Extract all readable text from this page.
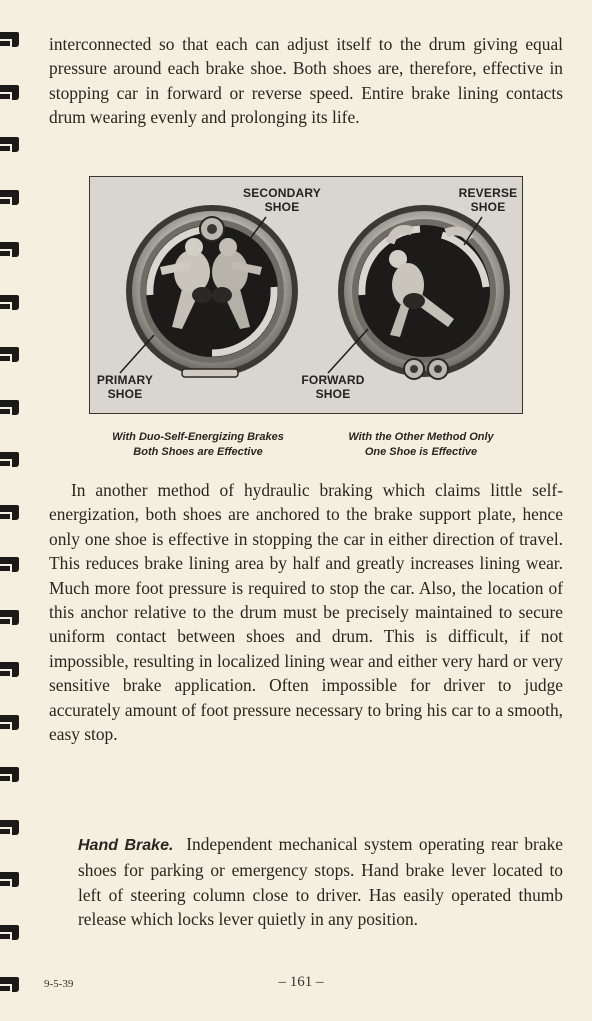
interconnected so that each can adjust itself to the drum giving equal pressure around each brake shoe. Both shoes are, therefore, effective in stopping car in forward or reverse speed. Entire brake lining contacts drum wearing evenly and prolonging its life.

SECONDARY
SHOE
REVERSE
SHOE
PRIMARY
SHOE
FORWARD
SHOE
With Duo-Self-Energizing Brakes
Both Shoes are Effective
With the Other Method Only
One Shoe is Effective

In another method of hydraulic braking which claims little self-energization, both shoes are anchored to the brake support plate, hence only one shoe is effective in stopping the car in either direction of travel. This reduces brake lining area by half and greatly increases lining wear. Much more foot pressure is required to stop the car. Also, the location of this anchor relative to the drum must be precisely maintained to secure uniform contact between shoes and drum. This is difficult, if not impossible, resulting in localized lining wear and either very hard or very sensitive brake application. Often impossible for driver to judge accurately amount of foot pressure necessary to bring his car to a smooth, easy stop.

Hand Brake. Independent mechanical system operating rear brake shoes for parking or emergency stops. Hand brake lever located to left of steering column close to driver. Has easily operated thumb release which locks lever quietly in any position.

9-5-39	– 161 –
